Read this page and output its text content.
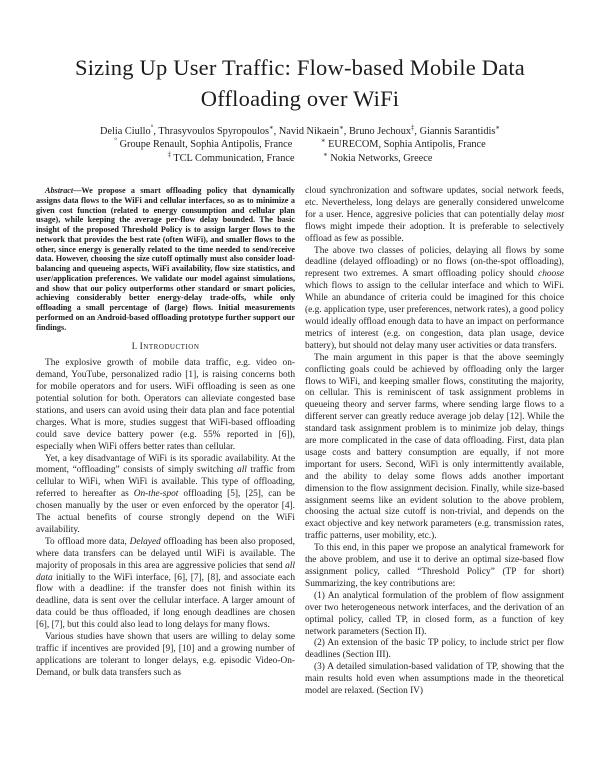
Sizing Up User Traffic: Flow-based Mobile Data
Offloading over WiFi
Delia Ciullo°, Thrasyvoulos Spyropoulos∗, Navid Nikaein∗, Bruno Jechoux‡, Giannis Sarantidis∗
° Groupe Renault, Sophia Antipolis, France	∗ EURECOM, Sophia Antipolis, France
‡ TCL Communication, France	∗ Nokia Networks, Greece

Abstract—We propose a smart offloading policy that dynamically assigns data flows to the WiFi and cellular interfaces, so as to minimize a given cost function (related to energy consumption and cellular plan usage), while keeping the average per-flow delay bounded. The basic insight of the proposed Threshold Policy is to assign larger flows to the network that provides the best rate (often WiFi), and smaller flows to the other, since energy is generally related to the time needed to send/receive data. However, choosing the size cutoff optimally must also consider load-balancing and queueing aspects, WiFi availability, flow size statistics, and user/application preferences. We validate our model against simulations, and show that our policy outperforms other standard or smart policies, achieving considerably better energy-delay trade-offs, while only offloading a small percentage of (large) flows. Initial measurements performed on an Android-based offloading prototype further support our findings.

I. Introduction

The explosive growth of mobile data traffic, e.g. video on-demand, YouTube, personalized radio [1], is raising concerns both for mobile operators and for users. WiFi offloading is seen as one potential solution for both. Operators can alleviate congested base stations, and users can avoid using their data plan and face potential charges. What is more, studies suggest that WiFi-based offloading could save device battery power (e.g. 55% reported in [6]), especially when WiFi offers better rates than cellular.

Yet, a key disadvantage of WiFi is its sporadic availability. At the moment, “offloading” consists of simply switching all traffic from cellular to WiFi, when WiFi is available. This type of offloading, referred to hereafter as On-the-spot offloading [5], [25], can be chosen manually by the user or even enforced by the operator [4]. The actual benefits of course strongly depend on the WiFi availability.

To offload more data, Delayed offloading has been also proposed, where data transfers can be delayed until WiFi is available. The majority of proposals in this area are aggressive policies that send all data initially to the WiFi interface, [6], [7], [8], and associate each flow with a deadline: if the transfer does not finish within its deadline, data is sent over the cellular interface. A larger amount of data could be thus offloaded, if long enough deadlines are chosen [6], [7], but this could also lead to long delays for many flows.

Various studies have shown that users are willing to delay some traffic if incentives are provided [9], [10] and a growing number of applications are tolerant to longer delays, e.g. episodic Video-On-Demand, or bulk data transfers such as

cloud synchronization and software updates, social network feeds, etc. Nevertheless, long delays are generally considered unwelcome for a user. Hence, aggresive policies that can potentially delay most flows might impede their adoption. It is preferable to selectively offload as few as possible.

The above two classes of policies, delaying all flows by some deadline (delayed offloading) or no flows (on-the-spot offloading), represent two extremes. A smart offloading policy should choose which flows to assign to the cellular interface and which to WiFi. While an abundance of criteria could be imagined for this choice (e.g. application type, user preferences, network rates), a good policy would ideally offload enough data to have an impact on performance metrics of interest (e.g. on congestion, data plan usage, device battery), but should not delay many user activities or data transfers.

The main argument in this paper is that the above seemingly conflicting goals could be achieved by offloading only the larger flows to WiFi, and keeping smaller flows, constituting the majority, on cellular. This is reminiscent of task assignment problems in queueing theory and server farms, where sending large flows to a different server can greatly reduce average job delay [12]. While the standard task assignment problem is to minimize job delay, things are more complicated in the case of data offloading. First, data plan usage costs and battery consumption are equally, if not more important for users. Second, WiFi is only intermittently available, and the ability to delay some flows adds another important dimension to the flow assignment decision. Finally, while size-based assignment seems like an evident solution to the above problem, choosing the actual size cutoff is non-trivial, and depends on the exact objective and key network parameters (e.g. transmission rates, traffic patterns, user mobility, etc.).

To this end, in this paper we propose an analytical framework for the above problem, and use it to derive an optimal size-based flow assignment policy, called “Threshold Policy” (TP for short) Summarizing, the key contributions are:

(1) An analytical formulation of the problem of flow assignment over two heterogeneous network interfaces, and the derivation of an optimal policy, called TP, in closed form, as a function of key network parameters (Section II).

(2) An extension of the basic TP policy, to include strict per flow deadlines (Section III).

(3) A detailed simulation-based validation of TP, showing that the main results hold even when assumptions made in the theoretical model are relaxed. (Section IV)
